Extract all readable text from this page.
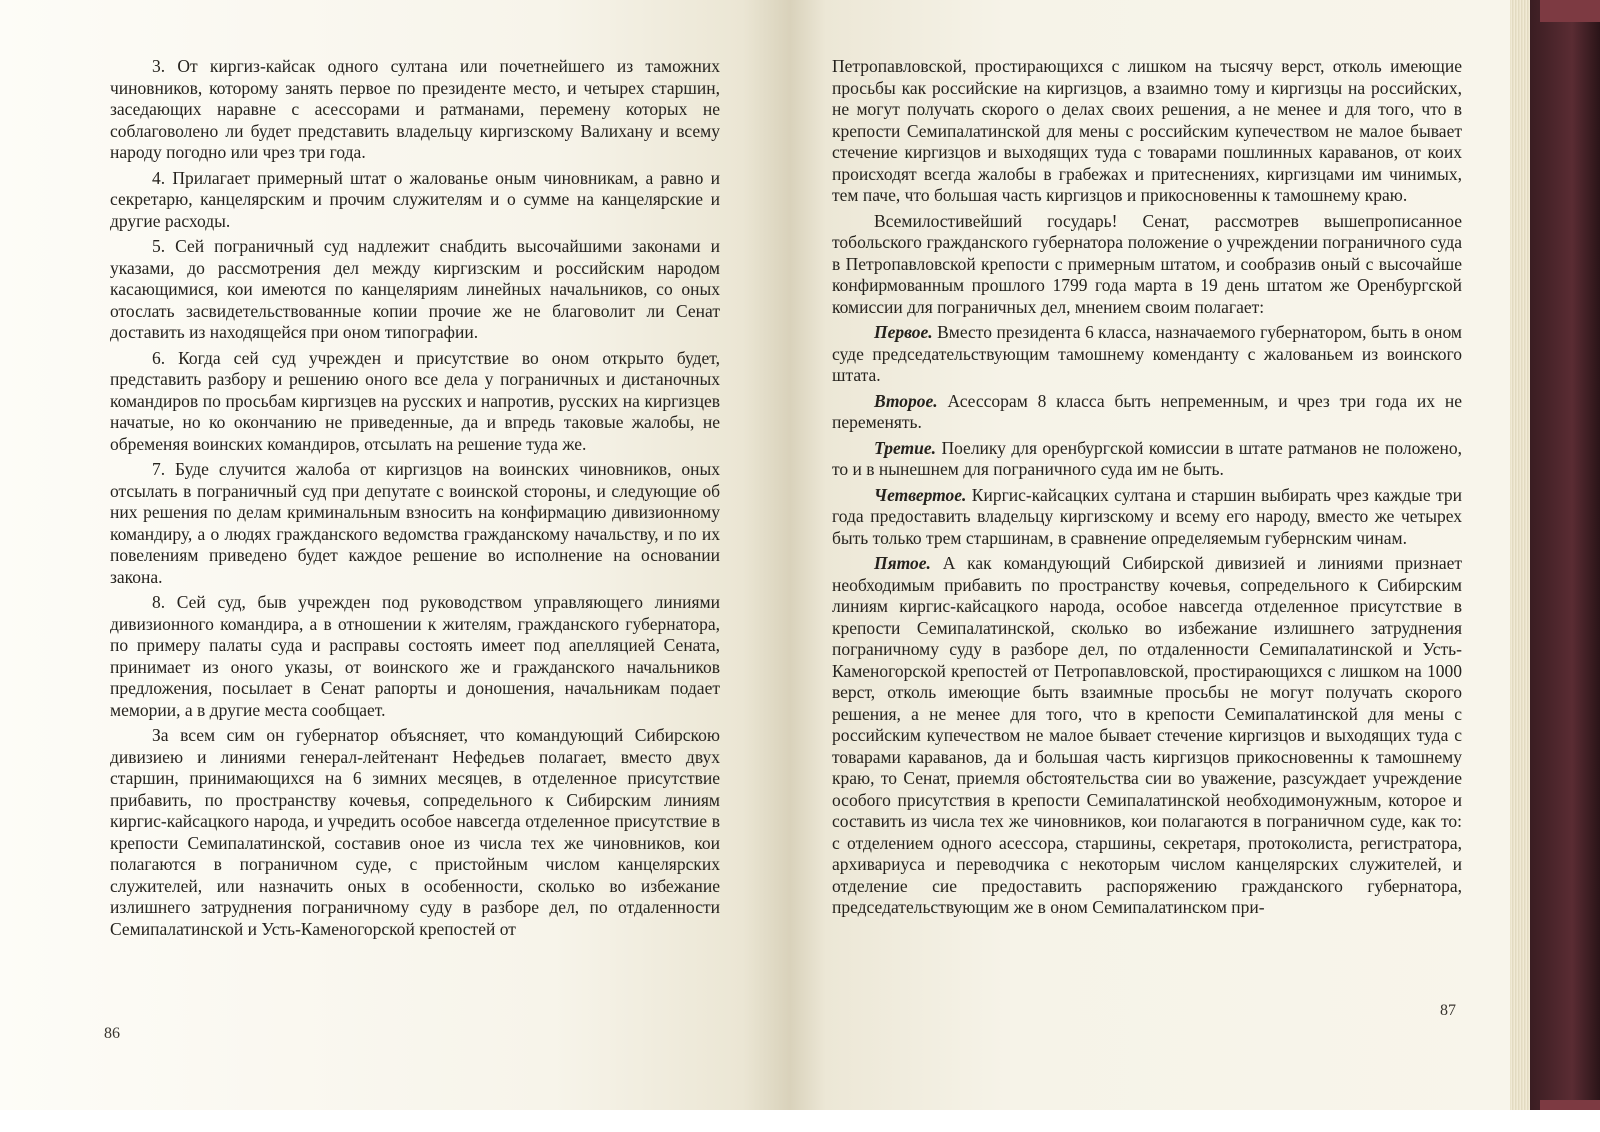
3. От киргиз-кайсак одного султана или почетнейшего из таможних чиновников, которому занять первое по президенте место, и четырех старшин, заседающих наравне с асессорами и ратманами, перемену которых не соблаговолено ли будет представить владельцу киргизскому Валихану и всему народу погодно или чрез три года.

4. Прилагает примерный штат о жалованье оным чиновникам, а равно и секретарю, канцелярским и прочим служителям и о сумме на канцелярские и другие расходы.

5. Сей пограничный суд надлежит снабдить высочайшими законами и указами, до рассмотрения дел между киргизским и российским народом касающимися, кои имеются по канцеляриям линейных начальников, со оных отослать засвидетельствованные копии прочие же не благоволит ли Сенат доставить из находящейся при оном типографии.

6. Когда сей суд учрежден и присутствие во оном открыто будет, представить разбору и решению оного все дела у пограничных и дистаночных командиров по просьбам киргизцев на русских и напротив, русских на киргизцев начатые, но ко окончанию не приведенные, да и впредь таковые жалобы, не обременяя воинских командиров, отсылать на решение туда же.

7. Буде случится жалоба от киргизцов на воинских чиновников, оных отсылать в пограничный суд при депутате с воинской стороны, и следующие об них решения по делам криминальным взносить на конфирмацию дивизионному командиру, а о людях гражданского ведомства гражданскому начальству, и по их повелениям приведено будет каждое решение во исполнение на основании закона.

8. Сей суд, быв учрежден под руководством управляющего линиями дивизионного командира, а в отношении к жителям, гражданского губернатора, по примеру палаты суда и расправы состоять имеет под апелляцией Сената, принимает из оного указы, от воинского же и гражданского начальников предложения, посылает в Сенат рапорты и доношения, начальникам подает мемории, а в другие места сообщает.

За всем сим он губернатор объясняет, что командующий Сибирскою дивизиею и линиями генерал-лейтенант Нефедьев полагает, вместо двух старшин, принимающихся на 6 зимних месяцев, в отделенное присутствие прибавить, по пространству кочевья, сопредельного к Сибирским линиям киргис-кайсацкого народа, и учредить особое навсегда отделенное присутствие в крепости Семипалатинской, составив оное из числа тех же чиновников, кои полагаются в пограничном суде, с пристойным числом канцелярских служителей, или назначить оных в особенности, сколько во избежание излишнего затруднения пограничному суду в разборе дел, по отдаленности Семипалатинской и Усть-Каменогорской крепостей от

86

Петропавловской, простирающихся с лишком на тысячу верст, отколь имеющие просьбы как российские на киргизцов, а взаимно тому и киргизцы на российских, не могут получать скорого о делах своих решения, а не менее и для того, что в крепости Семипалатинской для мены с российским купечеством не малое бывает стечение киргизцов и выходящих туда с товарами пошлинных караванов, от коих происходят всегда жалобы в грабежах и притеснениях, киргизцами им чинимых, тем паче, что большая часть киргизцов и прикосновенны к тамошнему краю.

Всемилостивейший государь! Сенат, рассмотрев вышепрописанное тобольского гражданского губернатора положение о учреждении пограничного суда в Петропавловской крепости с примерным штатом, и сообразив оный с высочайше конфирмованным прошлого 1799 года марта в 19 день штатом же Оренбургской комиссии для пограничных дел, мнением своим полагает:

Первое. Вместо президента 6 класса, назначаемого губернатором, быть в оном суде председательствующим тамошнему коменданту с жалованьем из воинского штата.

Второе. Асессорам 8 класса быть непременным, и чрез три года их не переменять.

Третие. Поелику для оренбургской комиссии в штате ратманов не положено, то и в нынешнем для пограничного суда им не быть.

Четвертое. Киргис-кайсацких султана и старшин выбирать чрез каждые три года предоставить владельцу киргизскому и всему его народу, вместо же четырех быть только трем старшинам, в сравнение определяемым губернским чинам.

Пятое. А как командующий Сибирской дивизией и линиями признает необходимым прибавить по пространству кочевья, сопредельного к Сибирским линиям киргис-кайсацкого народа, особое навсегда отделенное присутствие в крепости Семипалатинской, сколько во избежание излишнего затруднения пограничному суду в разборе дел, по отдаленности Семипалатинской и Усть-Каменогорской крепостей от Петропавловской, простирающихся с лишком на 1000 верст, отколь имеющие быть взаимные просьбы не могут получать скорого решения, а не менее для того, что в крепости Семипалатинской для мены с российским купечеством не малое бывает стечение киргизцов и выходящих туда с товарами караванов, да и большая часть киргизцов прикосновенны к тамошнему краю, то Сенат, приемля обстоятельства сии во уважение, разсуждает учреждение особого присутствия в крепости Семипалатинской необходимонужным, которое и составить из числа тех же чиновников, кои полагаются в пограничном суде, как то: с отделением одного асессора, старшины, секретаря, протоколиста, регистратора, архивариуса и переводчика с некоторым числом канцелярских служителей, и отделение сие предоставить распоряжению гражданского губернатора, председательствующим же в оном Семипалатинском при-

87
